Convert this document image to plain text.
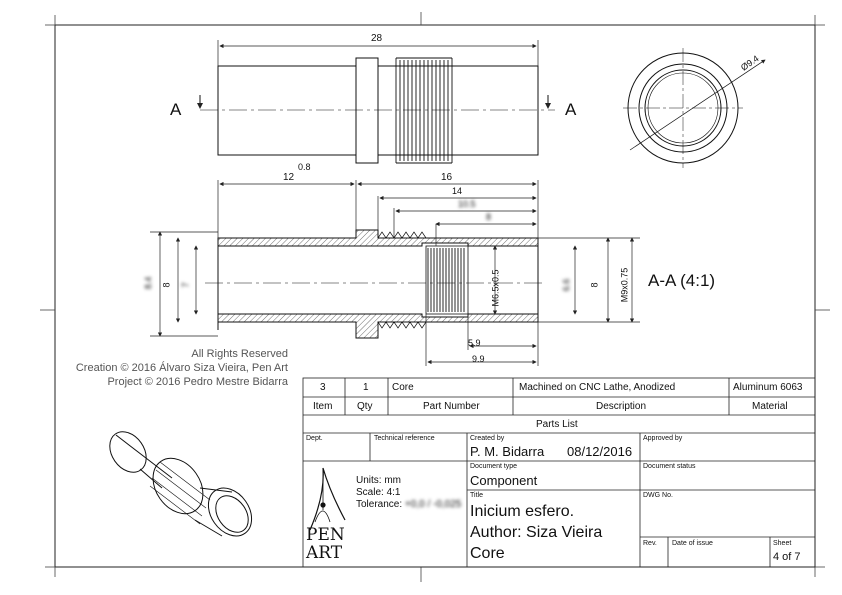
28
12
0.8
16
14
10.5
8
5.9
9.9
8
8.4	7	M6.5x0.5	6.6 8 M9x0.75
Ø9.4
A	A
A-A (4:1)
All Rights Reserved
Creation © 2016 Álvaro Siza Vieira, Pen Art
Project © 2016 Pedro Mestre Bidarra	3	1 Core	Machined on CNC Lathe, Anodized	Aluminum 6063
Item Qty	Part Number	Description	Material
Parts List
Dept.	Technical reference	Created by
P. M. Bidarra 08/12/2016
Approved by
Document type
Component
Document status
Title
Inicium esfero.
Author: Siza Vieira
Core
DWG No.
Rev. Date of issue	Sheet
4 of 7
Units: mm
Scale: 4:1
Tolerance: +0,0 / -0,025
PEN
ART
